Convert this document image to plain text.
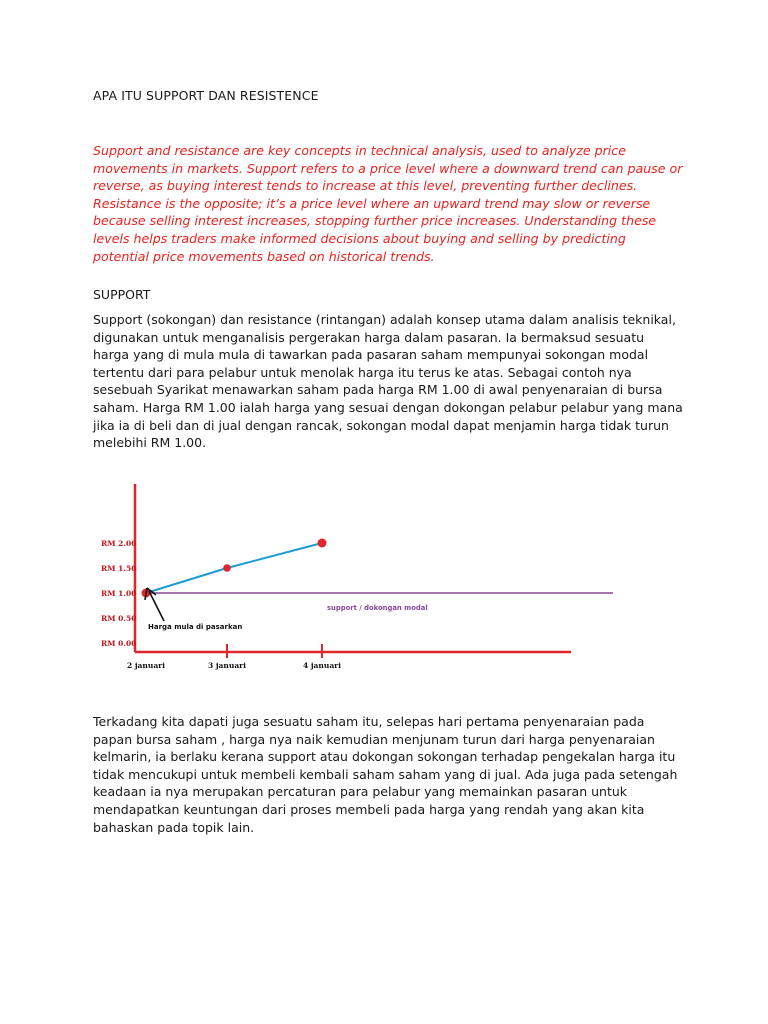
APA ITU SUPPORT DAN RESISTENCE

Support and resistance are key concepts in technical analysis, used to analyze price movements in markets. Support refers to a price level where a downward trend can pause or reverse, as buying interest tends to increase at this level, preventing further declines. Resistance is the opposite; it’s a price level where an upward trend may slow or reverse because selling interest increases, stopping further price increases. Understanding these levels helps traders make informed decisions about buying and selling by predicting potential price movements based on historical trends.

SUPPORT

Support (sokongan) dan resistance (rintangan) adalah konsep utama dalam analisis teknikal, digunakan untuk menganalisis pergerakan harga dalam pasaran. Ia bermaksud sesuatu harga yang di mula mula di tawarkan pada pasaran saham mempunyai sokongan modal tertentu dari para pelabur untuk menolak harga itu terus ke atas. Sebagai contoh nya sesebuah Syarikat menawarkan saham pada harga RM 1.00 di awal penyenaraian di bursa saham. Harga RM 1.00 ialah harga yang sesuai dengan dokongan pelabur pelabur yang mana jika ia di beli dan di jual dengan rancak, sokongan modal dapat menjamin harga tidak turun melebihi RM 1.00.

RM 2.00
RM 1.50
RM 1.00
RM 0.50
RM 0.00
2 januari	3 januari	4 januari
support / dokongan modal
Harga mula di pasarkan

Terkadang kita dapati juga sesuatu saham itu, selepas hari pertama penyenaraian pada papan bursa saham , harga nya naik kemudian menjunam turun dari harga penyenaraian kelmarin, ia berlaku kerana support atau dokongan sokongan terhadap pengekalan harga itu tidak mencukupi untuk membeli kembali saham saham yang di jual. Ada juga pada setengah keadaan ia nya merupakan percaturan para pelabur yang memainkan pasaran untuk mendapatkan keuntungan dari proses membeli pada harga yang rendah yang akan kita bahaskan pada topik lain.
